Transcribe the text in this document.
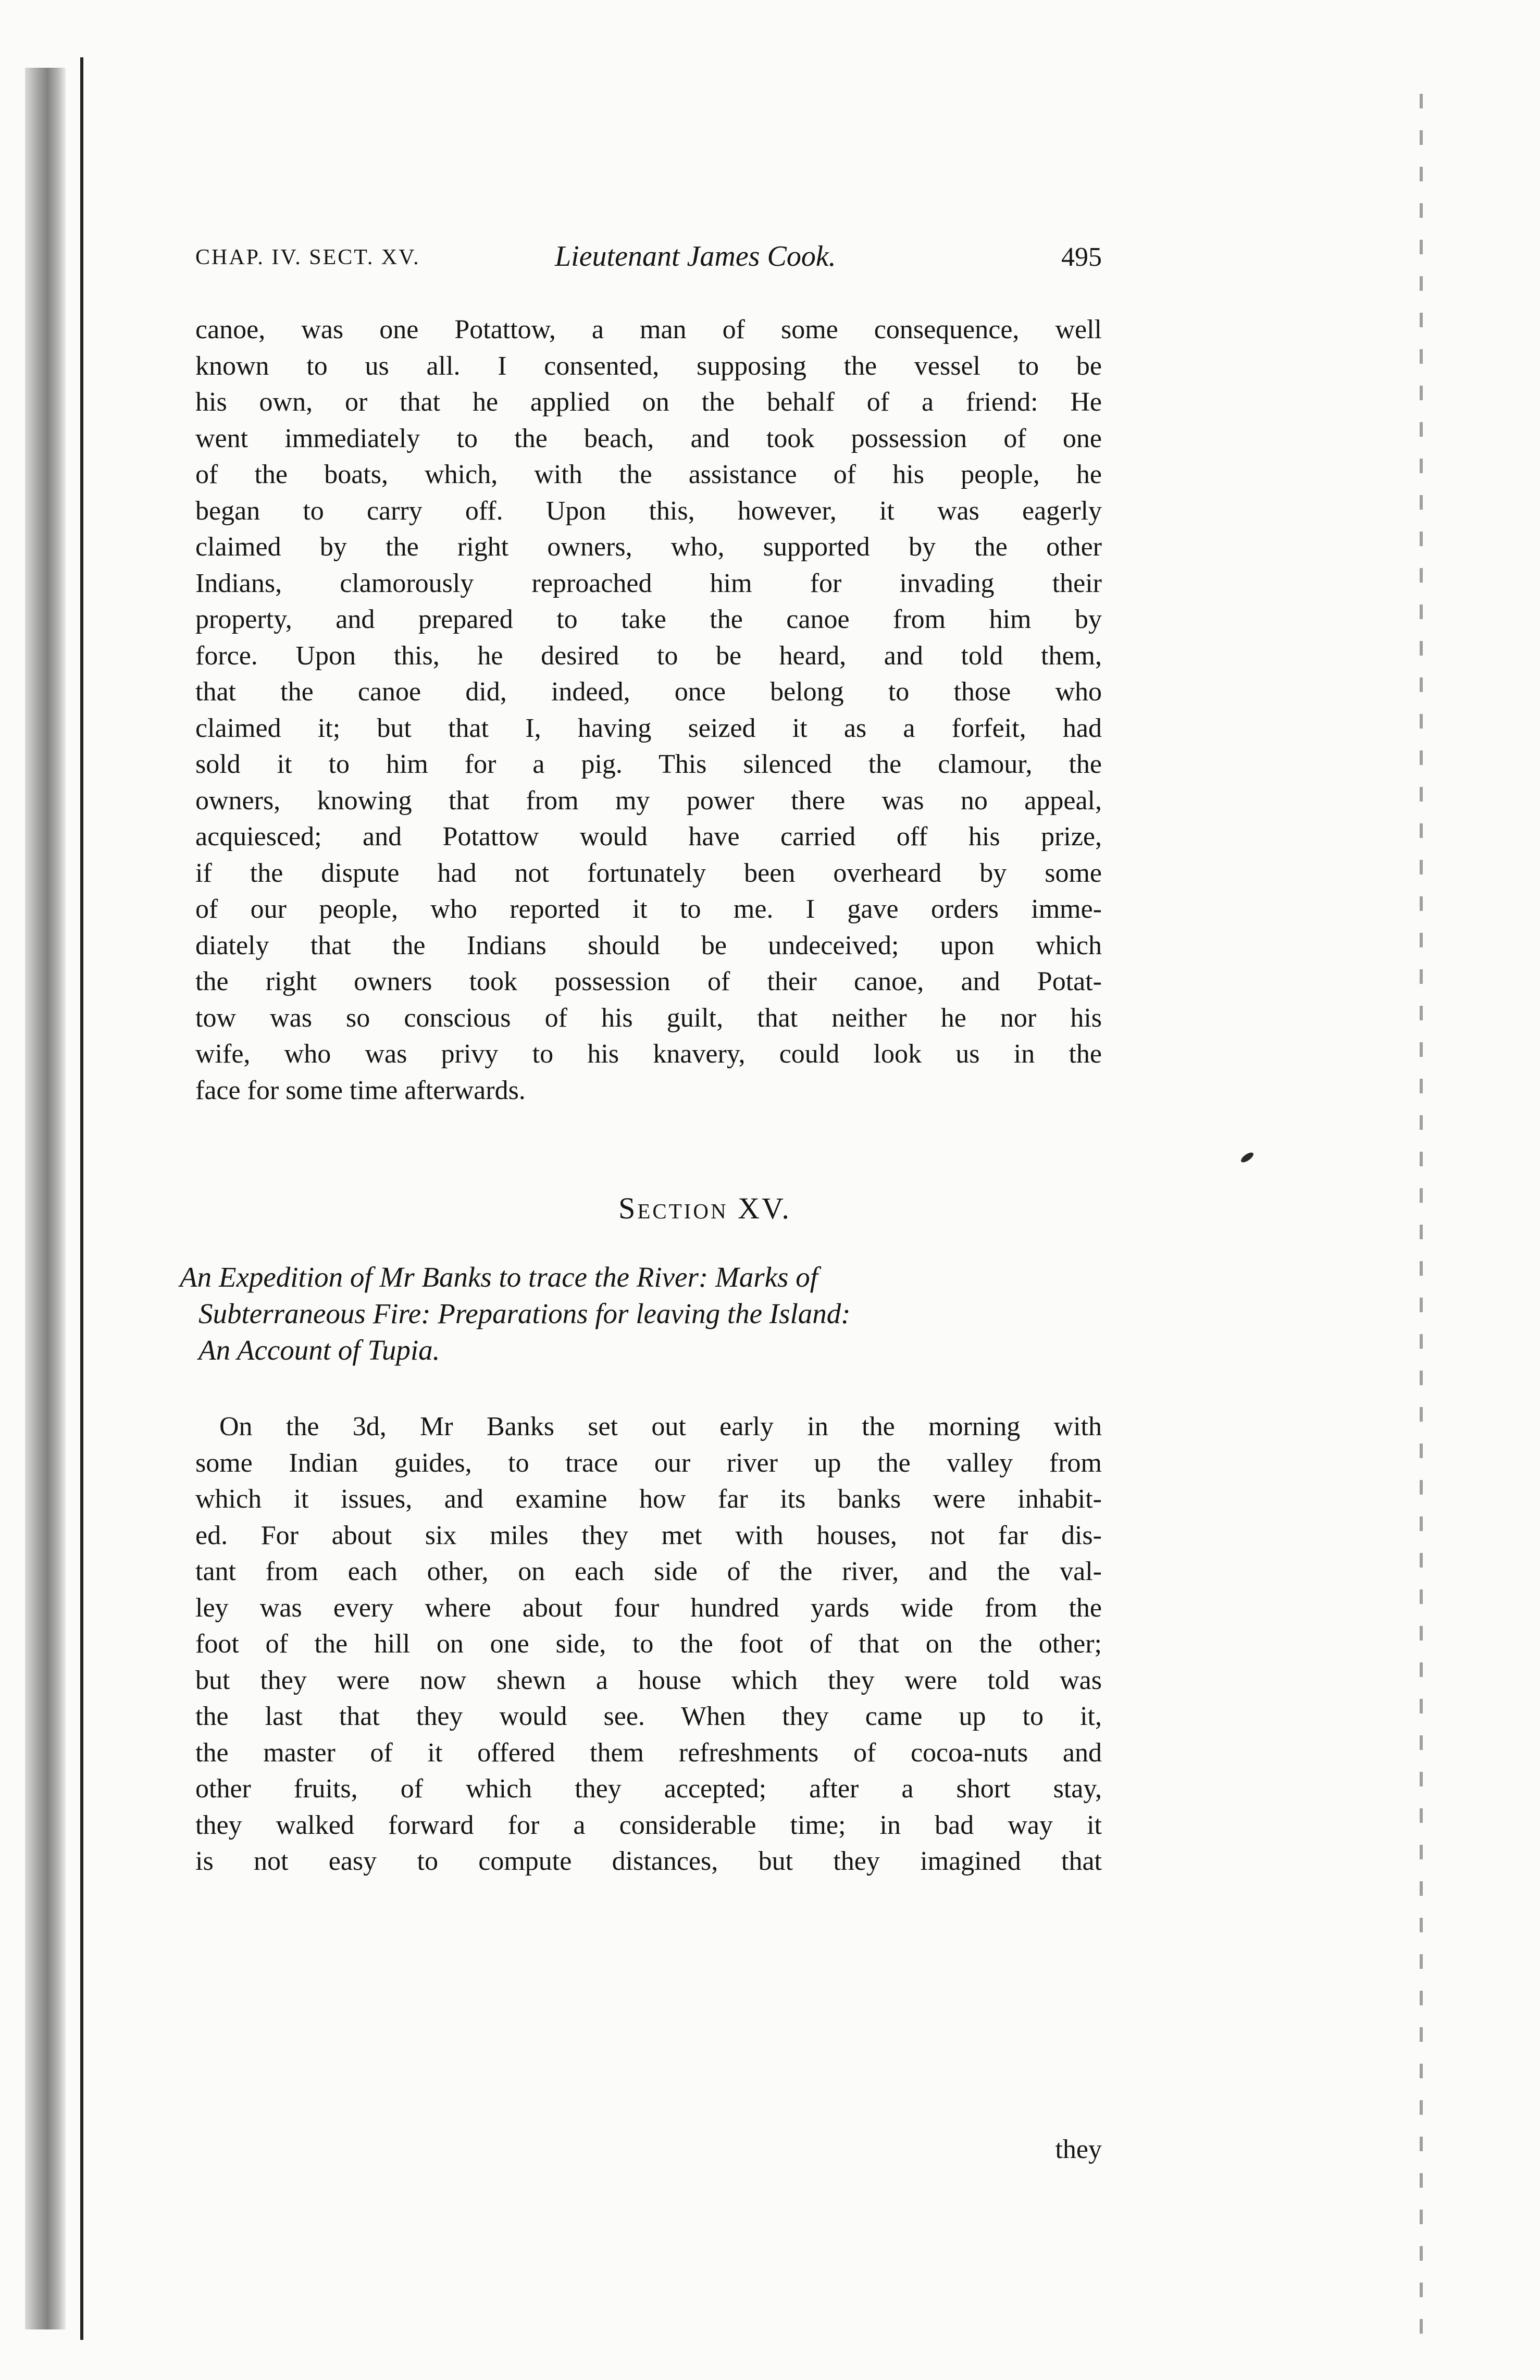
CHAP. IV. SECT. XV.	Lieutenant James Cook.	495
canoe, was one Potattow, a man of some consequence, well
known to us all. I consented, supposing the vessel to be
his own, or that he applied on the behalf of a friend: He
went immediately to the beach, and took possession of one
of the boats, which, with the assistance of his people, he
began to carry off. Upon this, however, it was eagerly
claimed by the right owners, who, supported by the other
Indians, clamorously reproached him for invading their
property, and prepared to take the canoe from him by
force. Upon this, he desired to be heard, and told them,
that the canoe did, indeed, once belong to those who
claimed it; but that I, having seized it as a forfeit, had
sold it to him for a pig. This silenced the clamour, the
owners, knowing that from my power there was no appeal,
acquiesced; and Potattow would have carried off his prize,
if the dispute had not fortunately been overheard by some
of our people, who reported it to me. I gave orders imme-
diately that the Indians should be undeceived; upon which
the right owners took possession of their canoe, and Potat-
tow was so conscious of his guilt, that neither he nor his
wife, who was privy to his knavery, could look us in the
face for some time afterwards.
Section XV.
An Expedition of Mr Banks to trace the River: Marks of
Subterraneous Fire: Preparations for leaving the Island:
An Account of Tupia.
On the 3d, Mr Banks set out early in the morning with
some Indian guides, to trace our river up the valley from
which it issues, and examine how far its banks were inhabit-
ed. For about six miles they met with houses, not far dis-
tant from each other, on each side of the river, and the val-
ley was every where about four hundred yards wide from the
foot of the hill on one side, to the foot of that on the other;
but they were now shewn a house which they were told was
the last that they would see. When they came up to it,
the master of it offered them refreshments of cocoa-nuts and
other fruits, of which they accepted; after a short stay,
they walked forward for a considerable time; in bad way it
is not easy to compute distances, but they imagined that
they
